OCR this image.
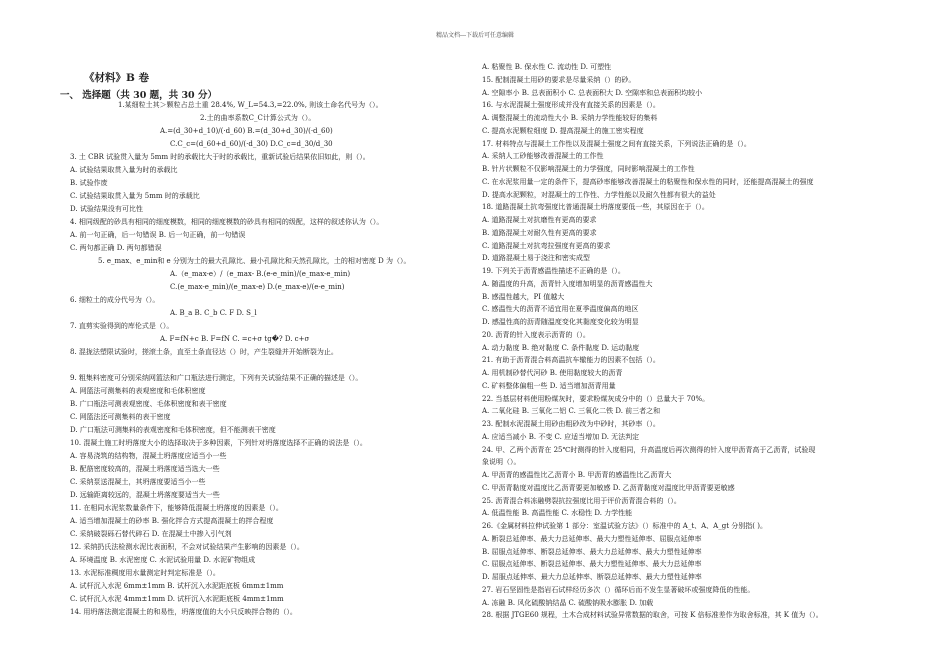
精品文档---下载后可任意编辑
《材料》B 卷
一、 选择题（共 30 题，共 30 分）
1.某细粒土其＞颗粒占总土重 28.4%, W_L=54.3,=22.0%, 则该土命名代号为（）。
2.土的曲率系数C_C计算公式为（）。
A.=(d_30+d_10)/(·d_60) B.=(d_30+d_30)/(·d_60)
C.C_c=(d_60+d_60)/(·d_30) D.C_c=d_30/d_30
3. 土 CBR 试验贯入量为 5mm 时的承载比大于时的承载比，重新试验后结果依旧如此，则（）。
A. 试验结果取贯入量为时的承载比
B. 试验作废
C. 试验结果取贯入量为 5mm 时的承载比
D. 试验结果没有可比性
4. 相同级配的砂具有相同的细度模数，相同的细度模数的砂具有相同的级配，这样的叙述你认为（）。
A. 前一句正确，后一句错误 B. 后一句正确，前一句错误
C. 两句都正确 D. 两句都错误
5. e_max、e_min和 e 分别为土的最大孔隙比、最小孔隙比和天然孔隙比，土的相对密度 D 为（）。
A.（e_max-e）/（e_max- B.(e-e_min)/(e_max-e_min)
C.(e_max-e_min)/(e_max-e) D.(e_max-e)/(e-e_min)
6. 细粒土的成分代号为（）。
A. B_a B. C_b C. F D. S_l
7. 直剪实验得到的库伦式是（）。
A. F=fN+c B. F=fN C. =c+σ tg�? D. c+σ
8. 混拢法塑限试验时，搓滚土条，直至土条直径达（）时，产生裂缝并开始断裂为止。
9. 粗集料密度可分别采纳网篮法和广口瓶法进行测定，下列有关试验结果不正确的描述是（）。
A. 网篮法可测集料的表观密度和毛体积密度
B. 广口瓶法可测表观密度、毛体积密度和表干密度
C. 网篮法还可测集料的表干密度
D. 广口瓶法可测集料的表观密度和毛体积密度，但不能测表干密度
10. 混凝土施工时坍落度大小的选择取决于多种因素，下列针对坍落度选择不正确的说法是（）。
A. 容易浇筑的结构物，混凝土坍落度应适当小一些
B. 配筋密度较高的，混凝土坍落度适当选大一些
C. 采纳泵送混凝土，其坍落度要适当小一些
D. 远输距离较远的，混凝土坍落度要适当大一些
11. 在相同水泥浆数量条件下，能够降低混凝土坍落度的因素是（）。
A. 适当增加混凝土的砂率 B. 强化拌合方式提高混凝土的拌合程度
C. 采纳破裂砾石替代碎石 D. 在混凝土中掺入引气剂
12. 采纳扔氏法检测水泥比表面积，不会对试验结果产生影响的因素是（）。
A. 环境温度 B. 水泥密度 C. 水泥试验用量 D. 水泥矿物组成
13. 水泥标准稠度用水量测定时判定标准是（）。
A. 试杆沉入水泥 6mm±1mm B. 试杆沉入水泥距底板 6mm±1mm
C. 试杆沉入水泥 4mm±1mm D. 试杆沉入水泥距底板 4mm±1mm
14. 用坍落法测定混凝土的和易性，坍落度值的大小只反映拌合物的（）。
A. 粘聚性 B. 保水性 C. 流动性 D. 可塑性
15. 配制混凝土用砂的要求是尽量采纳（）的砂。
A. 空隙率小 B. 总表面积小 C. 总表面积大 D. 空隙率和总表面积均较小
16. 与水泥混凝土强度形成并没有直接关系的因素是（）。
A. 调整混凝土的流动性大小 B. 采纳力学性能较好的集料
C. 提高水泥颗粒细度 D. 提高混凝土的施工密实程度
17. 材料特点与混凝土工作性以及混凝土强度之间有直接关系，下列说法正确的是（）。
A. 采纳人工砂能够改善混凝土的工作性
B. 针片状颗粒不仅影响混凝土的力学强度，同时影响混凝土的工作性
C. 在水泥浆用量一定的条件下，提高砂率能够改善混凝土的粘聚性和保水性的同时，还能提高混凝土的强度
D. 提高水泥颗粒，对混凝土的工作性、力学性能以及耐久性都有很大的益处
18. 道路混凝土抗弯强度比普通混凝土坍落度要低一些，其原因在于（）。
A. 道路混凝土对抗磨性有更高的要求
B. 道路混凝土对耐久性有更高的要求
C. 道路混凝土对抗弯拉强度有更高的要求
D. 道路混凝土易于浇注和密实成型
19. 下列关于沥青感温性描述不正确的是（）。
A. 随温度的升高，沥青针入度增加明显的沥青感温性大
B. 感温性越大，PI 值越大
C. 感温性大的沥青不适宜用在夏季温度偏高的地区
D. 感温性高的沥青随温度变化其黏度变化较为明显
20. 沥青的针入度表示沥青的（）。
A. 动力黏度 B. 绝对黏度 C. 条件黏度 D. 运动黏度
21. 有助于沥青混合料高温抗车辙能力的因素不包括（）。
A. 用机制砂替代河砂 B. 使用黏度较大的沥青
C. 矿料整体偏粗一些 D. 适当增加沥青用量
22. 当基层材料使用粉煤灰时，要求粉煤灰成分中的（）总量大于 70%。
A. 二氧化硅 B. 三氧化二铝 C. 三氧化二铁 D. 前三者之和
23. 配制水泥混凝土用砂由粗砂改为中砂时，其砂率（）。
A. 应适当减小 B. 不变 C. 应适当增加 D. 无法判定
24. 甲、乙两个沥青在 25℃时测得的针入度相同，升高温度后再次测得的针入度甲沥青高于乙沥青，试验现
象说明（）。
A. 甲沥青的感温性比乙沥青小 B. 甲沥青的感温性比乙沥青大
C. 甲沥青黏度对温度比乙沥青要更加敏感 D. 乙沥青黏度对温度比甲沥青要更敏感
25. 沥青混合料冻融劈裂抗拉强度比用于评价沥青混合料的（）。
A. 低温性能 B. 高温性能 C. 水稳性 D. 力学性能
26.《金属材料拉伸试验第 1 部分：室温试验方法》（）标准中的 A_t、A、A_gt 分别指( )。
A. 断裂总延伸率、最大力总延伸率、最大力塑性延伸率、屈服点延伸率
B. 屈服点延伸率、断裂总延伸率、最大力总延伸率、最大力塑性延伸率
C. 屈服点延伸率、断裂总延伸率、最大力塑性延伸率、最大力总延伸率
D. 屈服点延伸率、最大力总延伸率、断裂总延伸率、最大力塑性延伸率
27. 岩石坚固性是指岩石试样经历多次（）循环后而不发生显著破坏或强度降低的性能。
A. 冻融 B. 风化硫酸钠结晶 C. 硫酸钠吸水膨胀 D. 加载
28. 根据 JTGE60 规程，土木合成材料试验异常数据的取舍，可按 K 倍标准差作为取舍标准，其 K 值为（）。
